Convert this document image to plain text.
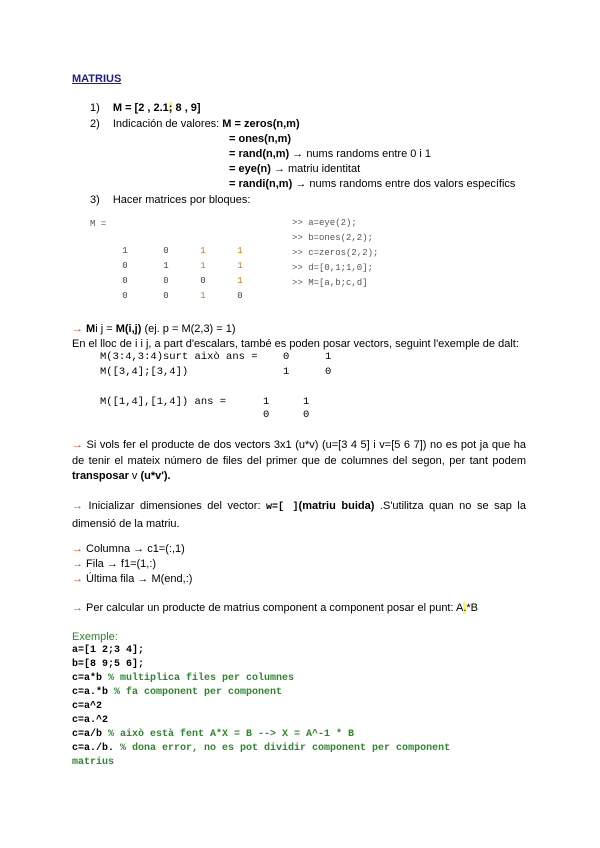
MATRIUS
1) M = [2 , 2.1; 8 , 9]
2) Indicación de valores: M = zeros(n,m)
= ones(n,m)
= rand(n,m) → nums randoms entre 0 i 1
= eye(n) → matriu identitat
= randi(n,m) → nums randoms entre dos valors específics
3) Hacer matrices por bloques:
M =
1	0	1	1
0	1	1	1
0	0	0	1
0	0	1	0
>> a=eye(2);
>> b=ones(2,2);
>> c=zeros(2,2);
>> d=[0,1;1,0];
>> M=[a,b;c,d]
→ Mi j = M(i,j) (ej. p = M(2,3) = 1)
En el lloc de i i j, a part d'escalars, també es poden posar vectors, seguint l'exemple de dalt:
M(3:4,3:4)surt això ans = 0	1
M([3,4];[3,4])	1	0
M([1,4],[1,4]) ans =	1	1
0	0
→ Si vols fer el producte de dos vectors 3x1 (u*v) (u=[3 4 5] i v=[5 6 7]) no es pot ja que ha de tenir el mateix número de files del primer que de columnes del segon, per tant podem transposar v (u*v').
→ Inicializar dimensiones del vector: w=[ ](matriu buida) .S'utilitza quan no se sap la dimensió de la matriu.
→ Columna → c1=(:,1)
→ Fila → f1=(1,:)
→ Última fila → M(end,:)
→ Per calcular un producte de matrius component a component posar el punt: A.*B
Exemple:
a=[1 2;3 4];
b=[8 9;5 6];
c=a*b % multiplica files per columnes
c=a.*b % fa component per component
c=a^2
c=a.^2
c=a/b % això està fent A*X = B --> X = A^-1 * B
c=a./b. % dona error, no es pot dividir component per component
matrius
